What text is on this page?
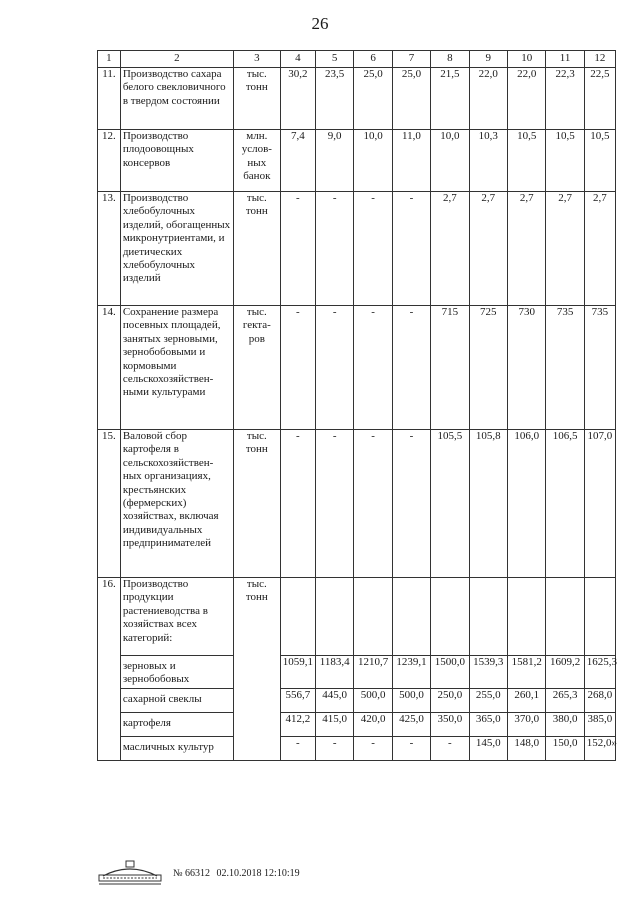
26
1	2	3	4	5	6	7	8	9	10	11	12
11.	Производство сахара белого свекловичного в твердом состоянии	тыс. тонн	30,2	23,5	25,0	25,0	21,5	22,0	22,0	22,3	22,5
12.	Производство плодоовощных консервов	млн. услов-ных банок	7,4	9,0	10,0	11,0	10,0	10,3	10,5	10,5	10,5
13.	Производство хлебобулочных изделий, обогащенных микронутриентами, и диетических хлебобулочных изделий	тыс. тонн	-	-	-	-	2,7	2,7	2,7	2,7	2,7
14.	Сохранение размера посевных площадей, занятых зерновыми, зернобобовыми и кормовыми сельскохозяйствен-ными культурами	тыс. гекта-ров	-	-	-	-	715	725	730	735	735
15.	Валовой сбор картофеля в сельскохозяйствен-ных организациях, крестьянских (фермерских) хозяйствах, включая индивидуальных предпринимателей	тыс. тонн	-	-	-	-	105,5	105,8	106,0	106,5	107,0
16.	Производство продукции растениеводства в хозяйствах всех категорий:	тыс. тонн									
	зерновых и зернобобовых		1059,1	1183,4	1210,7	1239,1	1500,0	1539,3	1581,2	1609,2	1625,3
	сахарной свеклы		556,7	445,0	500,0	500,0	250,0	255,0	260,1	265,3	268,0
	картофеля		412,2	415,0	420,0	425,0	350,0	365,0	370,0	380,0	385,0
	масличных культур		-	-	-	-	-	145,0	148,0	150,0	152,0»
№ 66312 02.10.2018 12:10:19
